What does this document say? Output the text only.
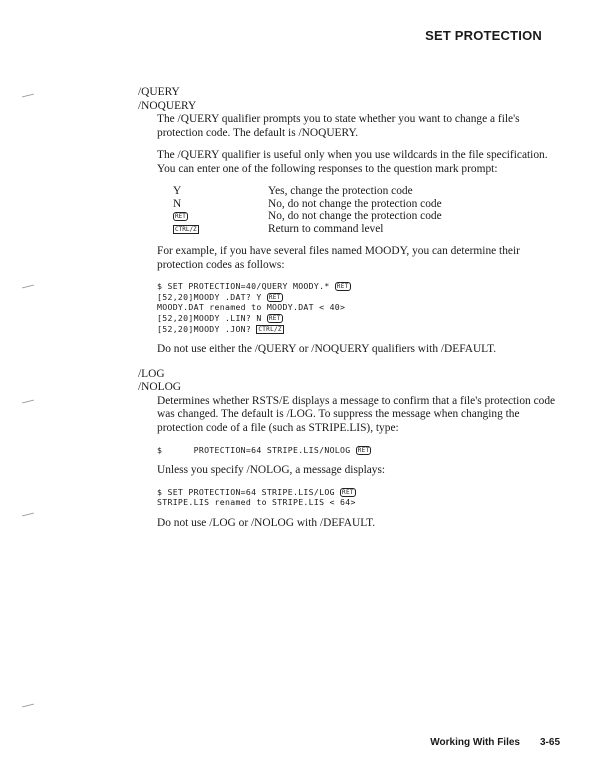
SET PROTECTION

/QUERY

/NOQUERY

The /QUERY qualifier prompts you to state whether you want to change a file's protection code. The default is /NOQUERY.

The /QUERY qualifier is useful only when you use wildcards in the file specification. You can enter one of the following responses to the question mark prompt:

Y	Yes, change the protection code
N	No, do not change the protection code
RET	No, do not change the protection code
CTRL/Z	Return to command level

For example, if you have several files named MOODY, you can determine their protection codes as follows:

$ SET PROTECTION=40/QUERY MOODY.* RET
[52,20]MOODY .DAT? Y RET
MOODY.DAT renamed to MOODY.DAT < 40>
[52,20]MOODY .LIN? N RET
[52,20]MOODY .JON? CTRL/Z

Do not use either the /QUERY or /NOQUERY qualifiers with /DEFAULT.

/LOG

/NOLOG

Determines whether RSTS/E displays a message to confirm that a file's protection code was changed. The default is /LOG. To suppress the message when changing the protection code of a file (such as STRIPE.LIS), type:

$      PROTECTION=64 STRIPE.LIS/NOLOG RET

Unless you specify /NOLOG, a message displays:

$ SET PROTECTION=64 STRIPE.LIS/LOG RET
STRIPE.LIS renamed to STRIPE.LIS < 64>

Do not use /LOG or /NOLOG with /DEFAULT.

Working With Files 3-65
